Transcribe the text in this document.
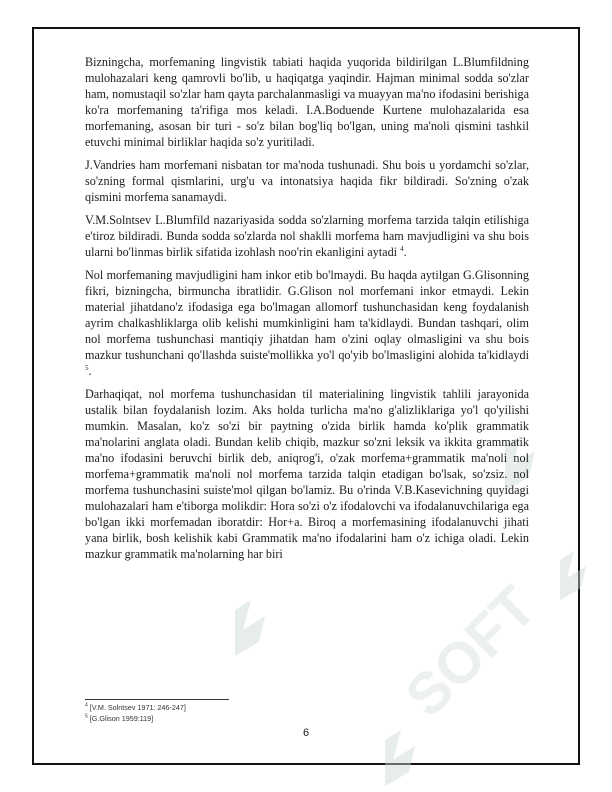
SOFT

Bizningcha, morfemaning lingvistik tabiati haqida yuqorida bildirilgan L.Blumfildning mulohazalari keng qamrovli bo'lib, u haqiqatga yaqindir. Hajman minimal sodda so'zlar ham, nomustaqil so'zlar ham qayta parchalanmasligi va muayyan ma'no ifodasini berishiga ko'ra morfemaning ta'rifiga mos keladi. I.A.Boduende Kurtene mulohazalarida esa morfemaning, asosan bir turi - so'z bilan bog'liq bo'lgan, uning ma'noli qismini tashkil etuvchi minimal birliklar haqida so'z yuritiladi.

J.Vandries ham morfemani nisbatan tor ma'noda tushunadi. Shu bois u yordamchi so'zlar, so'zning formal qismlarini, urg'u va intonatsiya haqida fikr bildiradi. So'zning o'zak qismini morfema sanamaydi.

V.M.Solntsev L.Blumfild nazariyasida sodda so'zlarning morfema tarzida talqin etilishiga e'tiroz bildiradi. Bunda sodda so'zlarda nol shaklli morfema ham mavjudligini va shu bois ularni bo'linmas birlik sifatida izohlash noo'rin ekanligini aytadi $^4$.

Nol morfemaning mavjudligini ham inkor etib bo'lmaydi. Bu haqda aytilgan G.Glisonning fikri, bizningcha, birmuncha ibratlidir. G.Glison nol morfemani inkor etmaydi. Lekin material jihatdano'z ifodasiga ega bo'lmagan allomorf tushunchasidan keng foydalanish ayrim chalkashliklarga olib kelishi mumkinligini ham ta'kidlaydi. Bundan tashqari, olim nol morfema tushunchasi mantiqiy jihatdan ham o'zini oqlay olmasligini va shu bois mazkur tushunchani qo'llashda suiste'mollikka yo'l qo'yib bo'lmasligini alohida ta'kidlaydi $^5$.

Darhaqiqat, nol morfema tushunchasidan til materialining lingvistik tahlili jarayonida ustalik bilan foydalanish lozim. Aks holda turlicha ma'no g'alizliklariga yo'l qo'yilishi mumkin. Masalan, ko'z so'zi bir paytning o'zida birlik hamda ko'plik grammatik ma'nolarini anglata oladi. Bundan kelib chiqib, mazkur so'zni leksik va ikkita grammatik ma'no ifodasini beruvchi birlik deb, aniqrog'i, o'zak morfema+grammatik ma'noli nol morfema+grammatik ma'noli nol morfema tarzida talqin etadigan bo'lsak, so'zsiz. nol morfema tushunchasini suiste'mol qilgan bo'lamiz. Bu o'rinda V.B.Kasevichning quyidagi mulohazalari ham e'tiborga molikdir: Hora so'zi o'z ifodalovchi va ifodalanuvchilariga ega bo'lgan ikki morfemadan iboratdir: Hor+a. Biroq a morfemasining ifodalanuvchi jihati yana birlik, bosh kelishik kabi Grammatik ma'no ifodalarini ham o'z ichiga oladi. Lekin mazkur grammatik ma'nolarning har biri

$^4$ [V.M. Solntsev 1971: 246-247]
$^5$ [G.Glison 1959:119]
6
